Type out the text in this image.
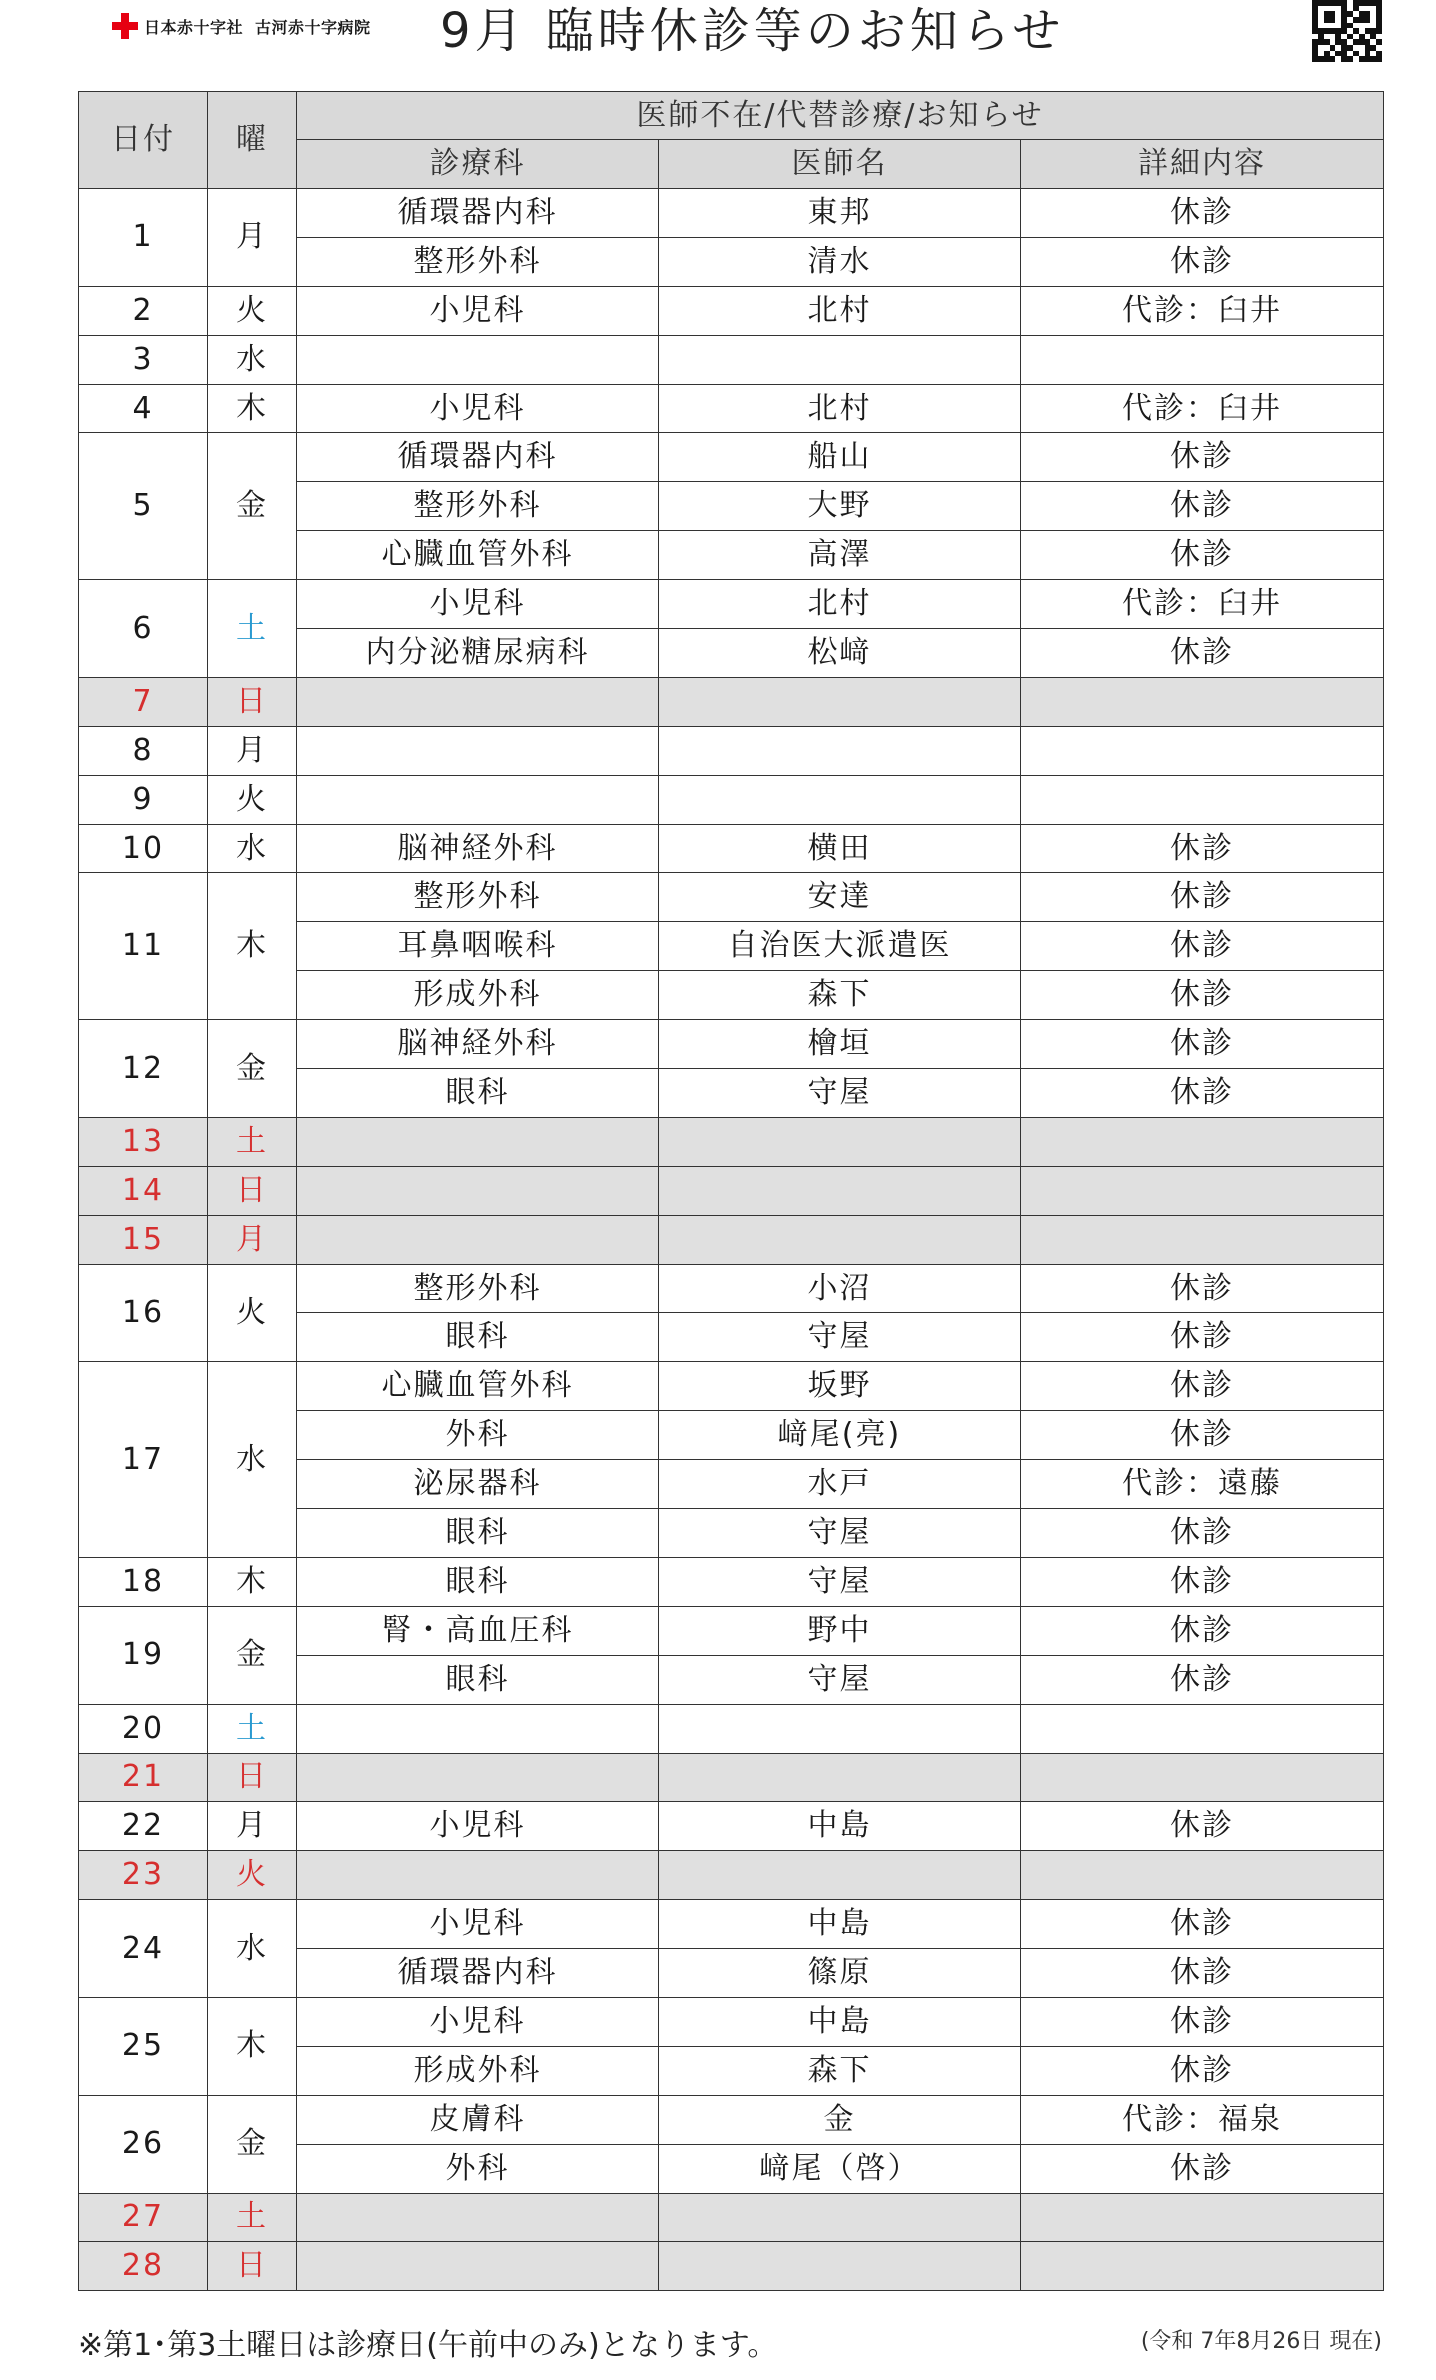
日本赤十字社 古河赤十字病院 9月 臨時休診等のお知らせ
日付	曜	医師不在/代替診療/お知らせ		
		診療科	医師名	詳細内容
1	月	循環器内科	東邦	休診
		整形外科	清水	休診
2	火	小児科	北村	代診：臼井
3	水			
4	木	小児科	北村	代診：臼井
5	金	循環器内科	船山	休診
		整形外科	大野	休診
		心臓血管外科	高澤	休診
6	土	小児科	北村	代診：臼井
		内分泌糖尿病科	松﨑	休診
7	日			
8	月			
9	火			
10	水	脳神経外科	横田	休診
11	木	整形外科	安達	休診
		耳鼻咽喉科	自治医大派遣医	休診
		形成外科	森下	休診
12	金	脳神経外科	檜垣	休診
		眼科	守屋	休診
13	土			
14	日			
15	月			
16	火	整形外科	小沼	休診
		眼科	守屋	休診
17	水	心臓血管外科	坂野	休診
		外科	﨑尾(亮)	休診
		泌尿器科	水戸	代診：遠藤
		眼科	守屋	休診
18	木	眼科	守屋	休診
19	金	腎・高血圧科	野中	休診
		眼科	守屋	休診
20	土			
21	日			
22	月	小児科	中島	休診
23	火			
24	水	小児科	中島	休診
		循環器内科	篠原	休診
25	木	小児科	中島	休診
		形成外科	森下	休診
26	金	皮膚科	金	代診：福泉
		外科	﨑尾（啓）	休診
27	土			
28	日			
※第1･第3土曜日は診療日(午前中のみ)となります。	(令和 7年8月26日 現在)
